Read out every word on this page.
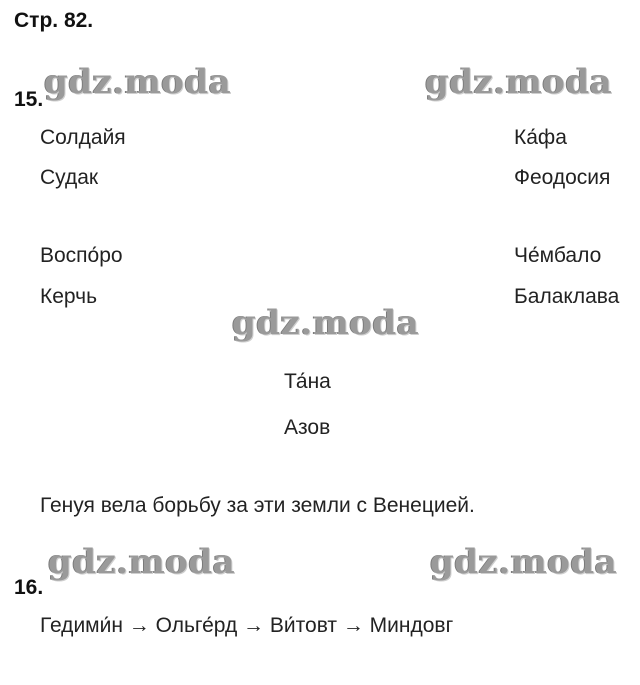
Стр. 82.
gdz.moda	gdz.moda
gdz.moda
gdz.moda	gdz.moda
15.
Солдайя
Судак
Ка́фа
Феодосия
Воспо́ро
Керчь
Че́мбало
Балаклава
Та́на
Азов
Генуя вела борьбу за эти земли с Венецией.
16.
Гедими́н → Ольге́рд → Ви́товт → Миндовг
